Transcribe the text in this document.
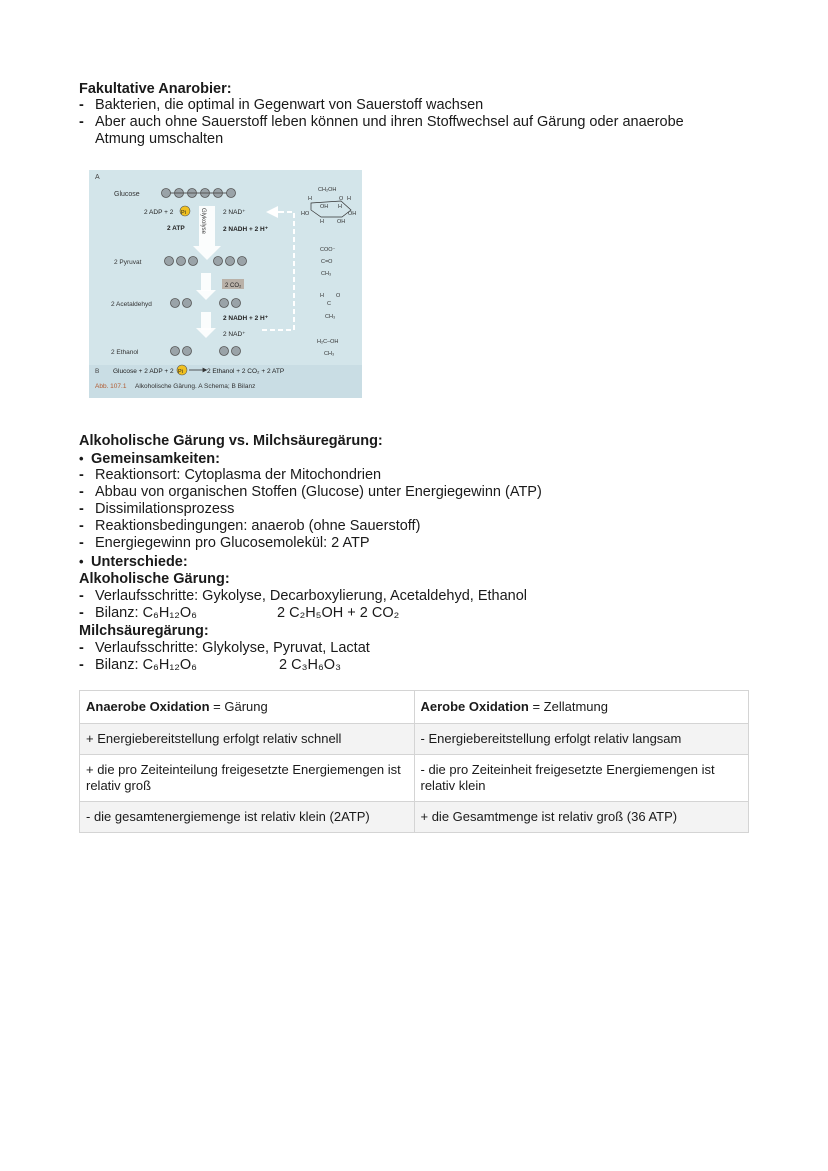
Fakultative Anarobier:
- Bakterien, die optimal in Gegenwart von Sauerstoff wachsen
- Aber auch ohne Sauerstoff leben können und ihren Stoffwechsel auf Gärung oder anaerobe
Atmung umschalten
A
Glucose
2 ADP + 2 Pi
2 ATP	Glykolyse	2 NAD⁺
2 NADH + 2 H⁺
2 Pyruvat
2 CO₂
2 Acetaldehyd
2 NADH + 2 H⁺
2 NAD⁺
2 Ethanol
CH₂OH
H	O H
OH H
HO	OH
H OH
COO⁻
C=O
CH₃
H O
C
CH₃
H₂C–OH
CH₃
B Glucose + 2 ADP + 2 Pi	2 Ethanol + 2 CO₂ + 2 ATP
Abb. 107.1 Alkoholische Gärung. A Schema; B Bilanz
Alkoholische Gärung vs. Milchsäuregärung:
• Gemeinsamkeiten:
- Reaktionsort: Cytoplasma der Mitochondrien
- Abbau von organischen Stoffen (Glucose) unter Energiegewinn (ATP)
- Dissimilationsprozess
- Reaktionsbedingungen: anaerob (ohne Sauerstoff)
- Energiegewinn pro Glucosemolekül: 2 ATP
• Unterschiede:
Alkoholische Gärung:
- Verlaufsschritte: Gykolyse, Decarboxylierung, Acetaldehyd, Ethanol
- Bilanz: C₆H₁₂O₆	2 C₂H₅OH + 2 CO₂
Milchsäuregärung:
- Verlaufsschritte: Glykolyse, Pyruvat, Lactat
- Bilanz: C₆H₁₂O₆	2 C₃H₆O₃
Anaerobe Oxidation = Gärung	Aerobe Oxidation = Zellatmung
+ Energiebereitstellung erfolgt relativ schnell	- Energiebereitstellung erfolgt relativ langsam
+ die pro Zeiteinteilung freigesetzte Energiemengen ist relativ groß	- die pro Zeiteinheit freigesetzte Energiemengen ist relativ klein
- die gesamtenergiemenge ist relativ klein (2ATP)	+ die Gesamtmenge ist relativ groß (36 ATP)
